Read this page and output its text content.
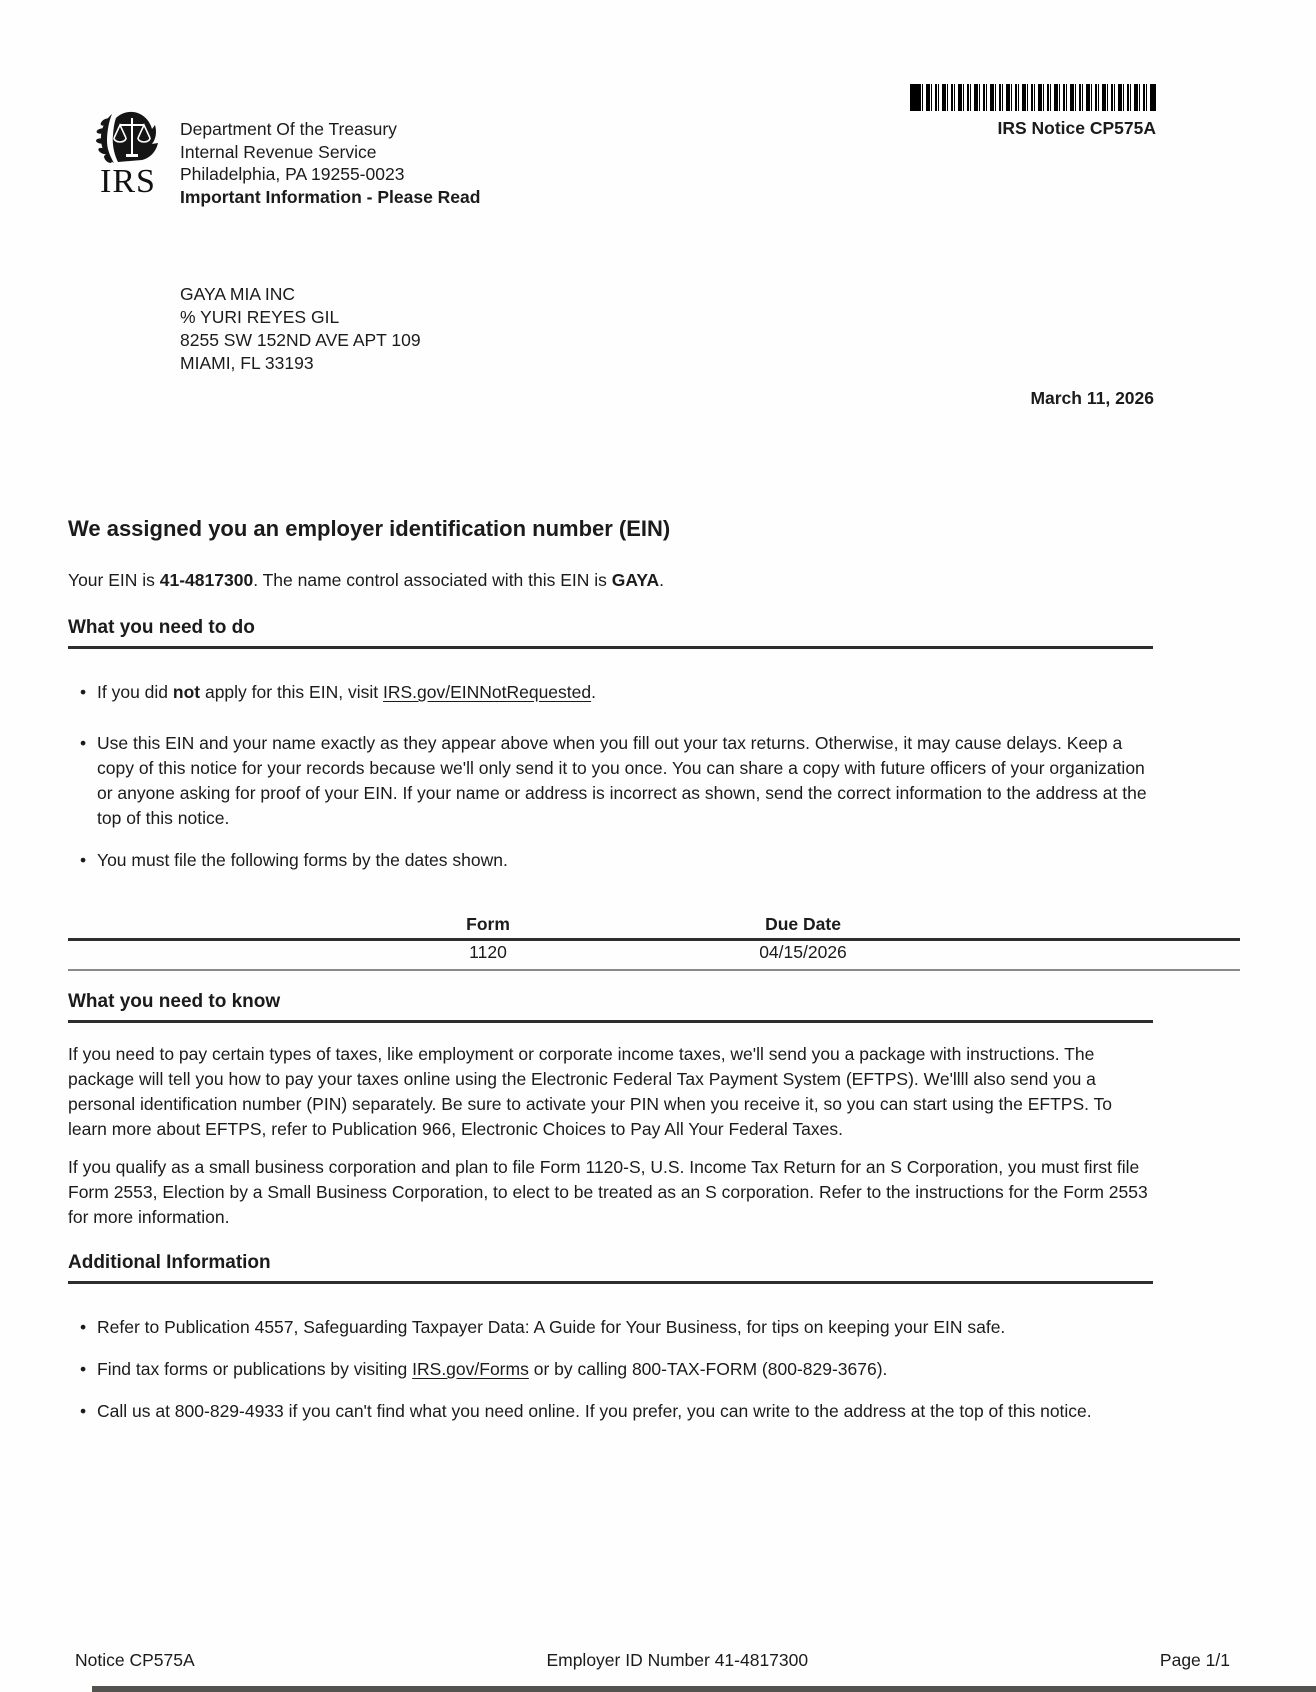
IRS
Department Of the Treasury
Internal Revenue Service
Philadelphia, PA 19255-0023
Important Information - Please Read
IRS Notice CP575A
GAYA MIA INC
% YURI REYES GIL
8255 SW 152ND AVE APT 109
MIAMI, FL 33193
March 11, 2026
We assigned you an employer identification number (EIN)
Your EIN is 41-4817300. The name control associated with this EIN is GAYA.
What you need to do
• If you did not apply for this EIN, visit IRS.gov/EINNotRequested.
• Use this EIN and your name exactly as they appear above when you fill out your tax returns. Otherwise, it may cause delays. Keep a copy of this notice for your records because we'll only send it to you once. You can share a copy with future officers of your organization or anyone asking for proof of your EIN. If your name or address is incorrect as shown, send the correct information to the address at the top of this notice.
• You must file the following forms by the dates shown.
Form	Due Date
1120	04/15/2026
What you need to know
If you need to pay certain types of taxes, like employment or corporate income taxes, we'll send you a package with instructions. The package will tell you how to pay your taxes online using the Electronic Federal Tax Payment System (EFTPS). We'llll also send you a personal identification number (PIN) separately. Be sure to activate your PIN when you receive it, so you can start using the EFTPS. To learn more about EFTPS, refer to Publication 966, Electronic Choices to Pay All Your Federal Taxes.
If you qualify as a small business corporation and plan to file Form 1120-S, U.S. Income Tax Return for an S Corporation, you must first file Form 2553, Election by a Small Business Corporation, to elect to be treated as an S corporation. Refer to the instructions for the Form 2553 for more information.
Additional Information
• Refer to Publication 4557, Safeguarding Taxpayer Data: A Guide for Your Business, for tips on keeping your EIN safe.
• Find tax forms or publications by visiting IRS.gov/Forms or by calling 800-TAX-FORM (800-829-3676).
• Call us at 800-829-4933 if you can't find what you need online. If you prefer, you can write to the address at the top of this notice.
Notice CP575A	Employer ID Number 41-4817300	Page 1/1
